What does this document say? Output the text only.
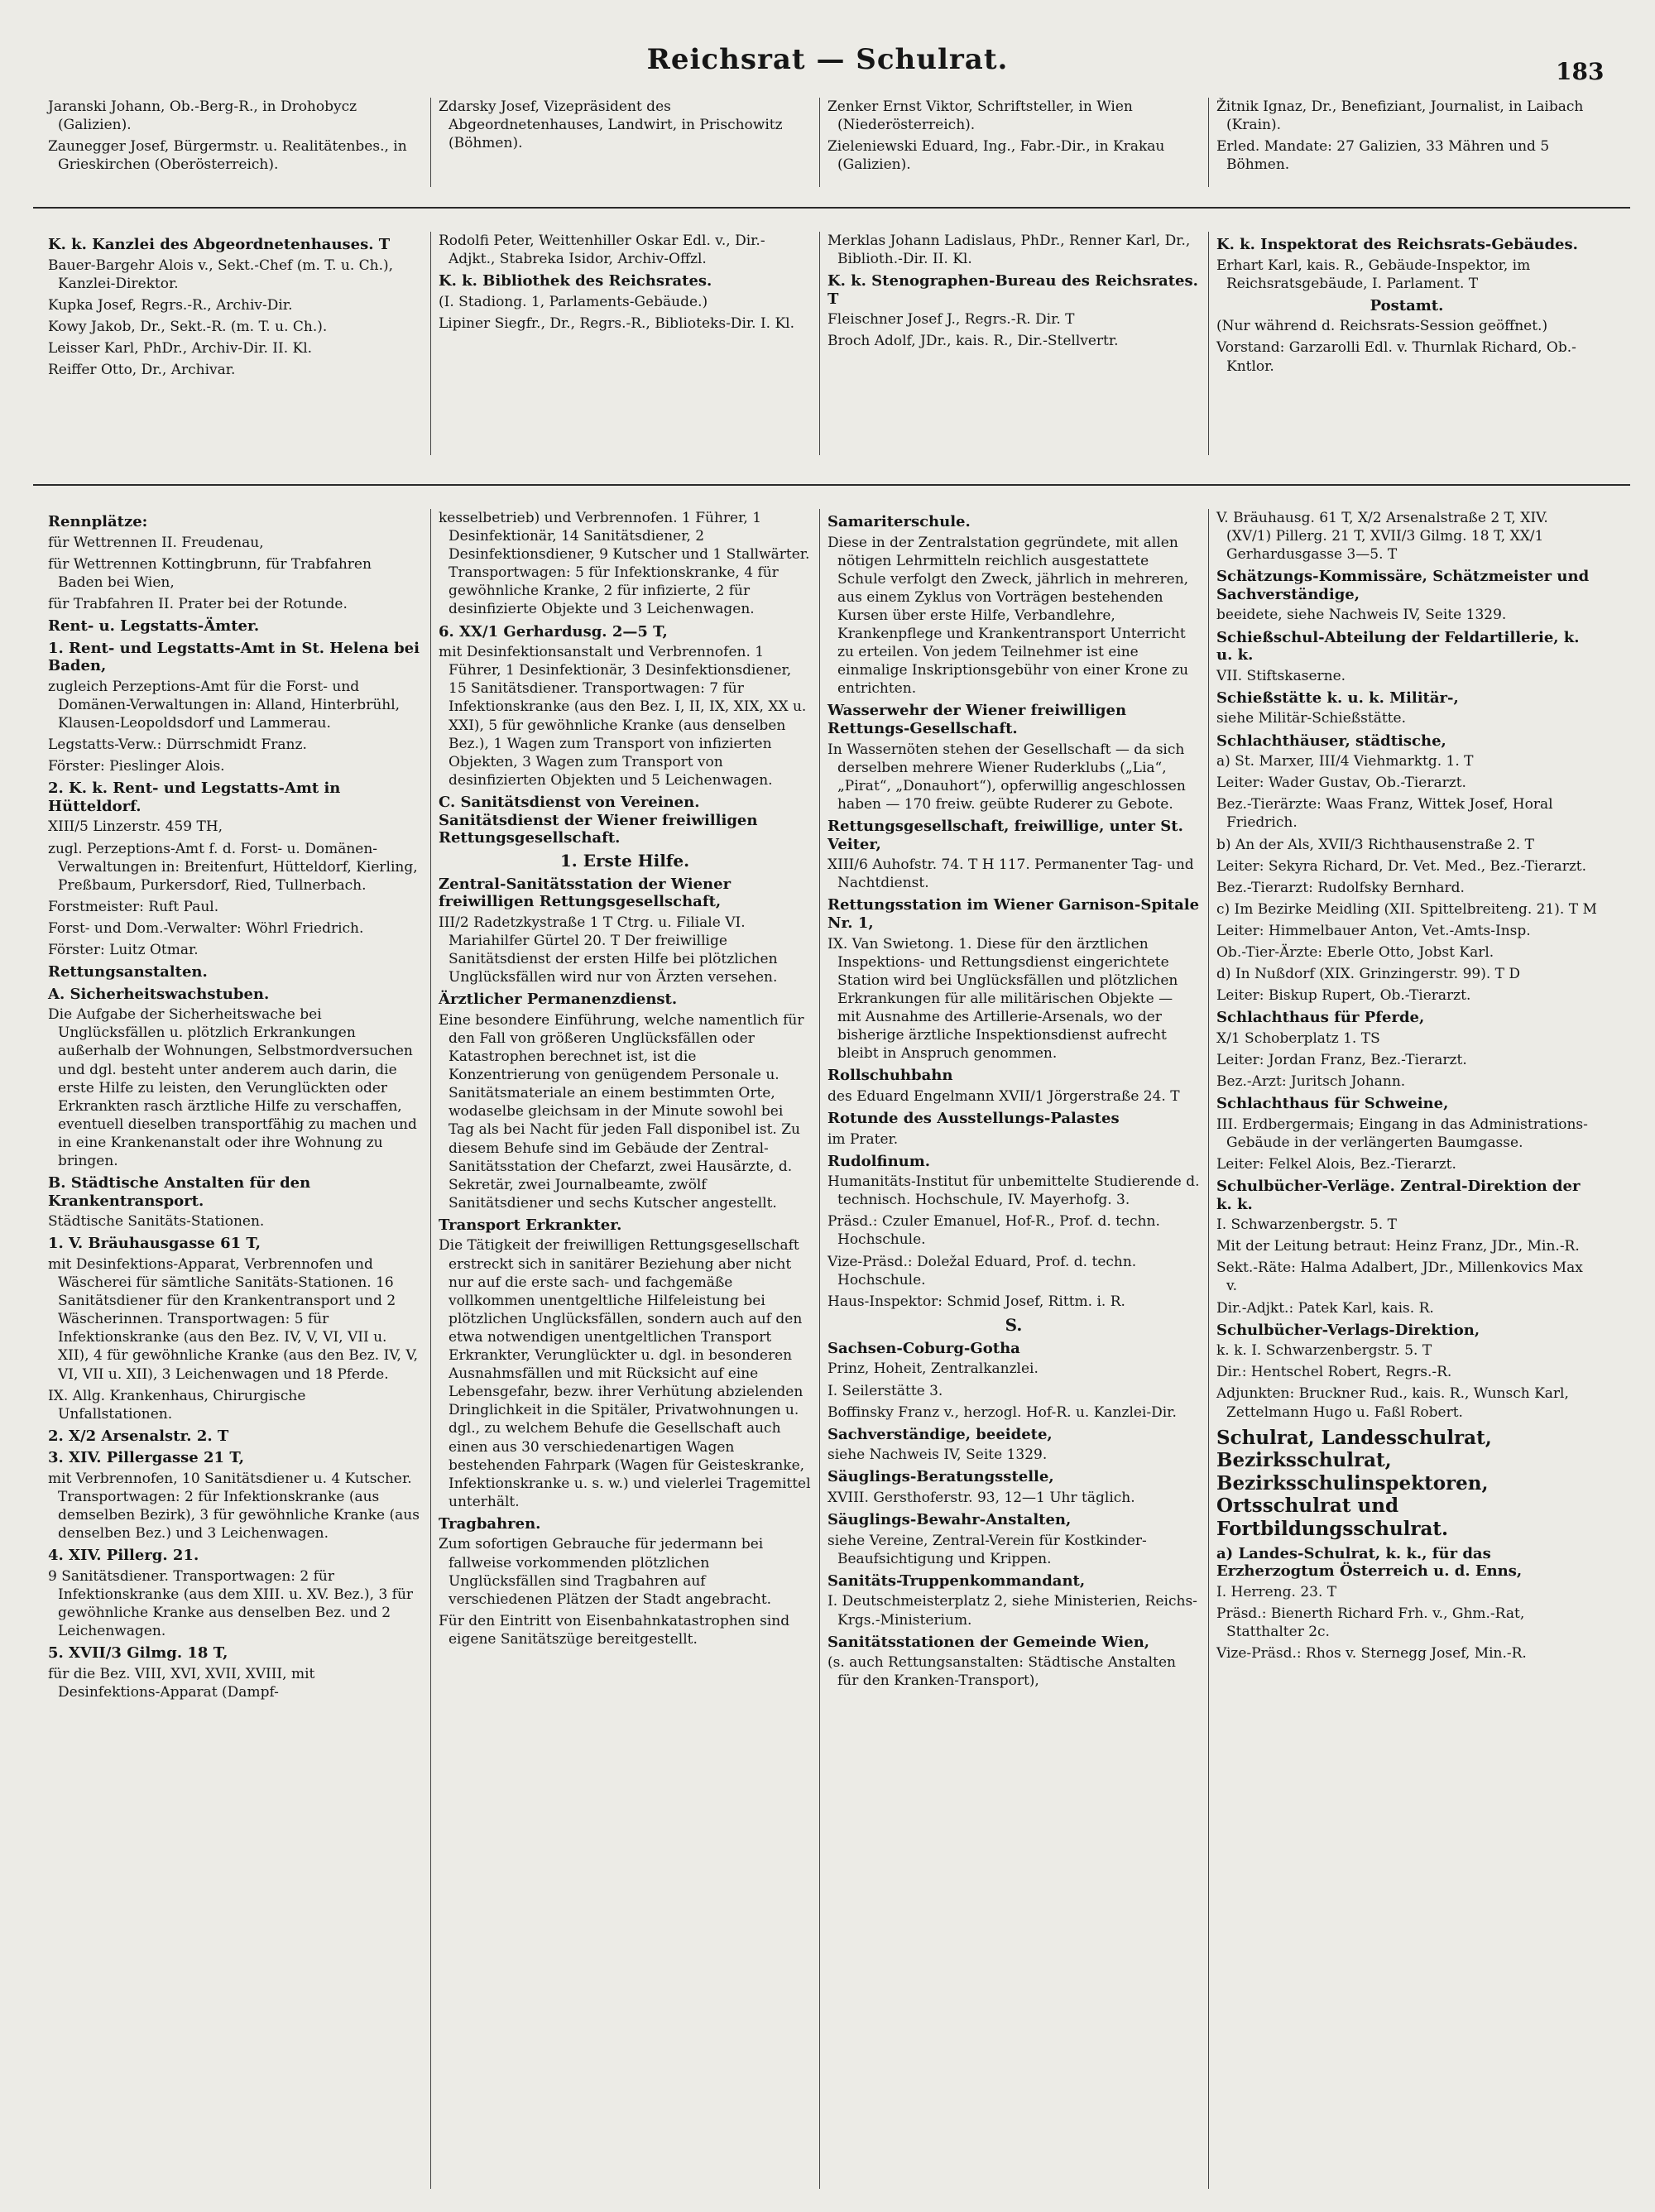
Reichsrat — Schulrat.	183

Jaranski Johann, Ob.-Berg-R., in Drohobycz (Galizien).

Zaunegger Josef, Bürgermstr. u. Realitätenbes., in Grieskirchen (Oberösterreich).

Zdarsky Josef, Vizepräsident des Abgeordnetenhauses, Landwirt, in Prischowitz (Böhmen).

Zenker Ernst Viktor, Schriftsteller, in Wien (Niederösterreich).

Zieleniewski Eduard, Ing., Fabr.-Dir., in Krakau (Galizien).

Žitnik Ignaz, Dr., Benefiziant, Journalist, in Laibach (Krain).

Erled. Mandate: 27 Galizien, 33 Mähren und 5 Böhmen.

K. k. Kanzlei des Abgeordnetenhauses. T

Bauer-Bargehr Alois v., Sekt.-Chef (m. T. u. Ch.), Kanzlei-Direktor.

Kupka Josef, Regrs.-R., Archiv-Dir.

Kowy Jakob, Dr., Sekt.-R. (m. T. u. Ch.).

Leisser Karl, PhDr., Archiv-Dir. II. Kl.

Reiffer Otto, Dr., Archivar.

Rodolfi Peter, Weittenhiller Oskar Edl. v., Dir.-Adjkt., Stabreka Isidor, Archiv-Offzl.

K. k. Bibliothek des Reichsrates.

(I. Stadiong. 1, Parlaments-Gebäude.)

Lipiner Siegfr., Dr., Regrs.-R., Biblioteks-Dir. I. Kl.

Merklas Johann Ladislaus, PhDr., Renner Karl, Dr., Biblioth.-Dir. II. Kl.

K. k. Stenographen-Bureau des Reichsrates. T

Fleischner Josef J., Regrs.-R. Dir. T

Broch Adolf, JDr., kais. R., Dir.-Stellvertr.

K. k. Inspektorat des Reichsrats-Gebäudes.

Erhart Karl, kais. R., Gebäude-Inspektor, im Reichsratsgebäude, I. Parlament. T

Postamt.

(Nur während d. Reichsrats-Session geöffnet.)

Vorstand: Garzarolli Edl. v. Thurnlak Richard, Ob.-Kntlor.

Rennplätze:

für Wettrennen II. Freudenau,

für Wettrennen Kottingbrunn, für Trabfahren Baden bei Wien,

für Trabfahren II. Prater bei der Rotunde.

Rent- u. Legstatts-Ämter.
1. Rent- und Legstatts-Amt in St. Helena bei Baden,

zugleich Perzeptions-Amt für die Forst- und Domänen-Verwaltungen in: Alland, Hinterbrühl, Klausen-Leopoldsdorf und Lammerau.

Legstatts-Verw.: Dürrschmidt Franz.

Förster: Pieslinger Alois.

2. K. k. Rent- und Legstatts-Amt in Hütteldorf.

XIII/5 Linzerstr. 459 TH,

zugl. Perzeptions-Amt f. d. Forst- u. Domänen-Verwaltungen in: Breitenfurt, Hütteldorf, Kierling, Preßbaum, Purkersdorf, Ried, Tullnerbach.

Forstmeister: Ruft Paul.

Forst- und Dom.-Verwalter: Wöhrl Friedrich.

Förster: Luitz Otmar.

Rettungsanstalten.
A. Sicherheitswachstuben.

Die Aufgabe der Sicherheitswache bei Unglücksfällen u. plötzlich Erkrankungen außerhalb der Wohnungen, Selbstmordversuchen und dgl. besteht unter anderem auch darin, die erste Hilfe zu leisten, den Verunglückten oder Erkrankten rasch ärztliche Hilfe zu verschaffen, eventuell dieselben transportfähig zu machen und in eine Krankenanstalt oder ihre Wohnung zu bringen.

B. Städtische Anstalten für den Krankentransport.

Städtische Sanitäts-Stationen.

1. V. Bräuhausgasse 61 T,

mit Desinfektions-Apparat, Verbrennofen und Wäscherei für sämtliche Sanitäts-Stationen. 16 Sanitätsdiener für den Krankentransport und 2 Wäscherinnen. Transportwagen: 5 für Infektionskranke (aus den Bez. IV, V, VI, VII u. XII), 4 für gewöhnliche Kranke (aus den Bez. IV, V, VI, VII u. XII), 3 Leichenwagen und 18 Pferde.

IX. Allg. Krankenhaus, Chirurgische Unfallstationen.

2. X/2 Arsenalstr. 2. T
3. XIV. Pillergasse 21 T,

mit Verbrennofen, 10 Sanitätsdiener u. 4 Kutscher. Transportwagen: 2 für Infektionskranke (aus demselben Bezirk), 3 für gewöhnliche Kranke (aus denselben Bez.) und 3 Leichenwagen.

4. XIV. Pillerg. 21.

9 Sanitätsdiener. Transportwagen: 2 für Infektionskranke (aus dem XIII. u. XV. Bez.), 3 für gewöhnliche Kranke aus denselben Bez. und 2 Leichenwagen.

5. XVII/3 Gilmg. 18 T,

für die Bez. VIII, XVI, XVII, XVIII, mit Desinfektions-Apparat (Dampf-

kesselbetrieb) und Verbrennofen. 1 Führer, 1 Desinfektionär, 14 Sanitätsdiener, 2 Desinfektionsdiener, 9 Kutscher und 1 Stallwärter. Transportwagen: 5 für Infektionskranke, 4 für gewöhnliche Kranke, 2 für infizierte, 2 für desinfizierte Objekte und 3 Leichenwagen.

6. XX/1 Gerhardusg. 2—5 T,

mit Desinfektionsanstalt und Verbrennofen. 1 Führer, 1 Desinfektionär, 3 Desinfektionsdiener, 15 Sanitätsdiener. Transportwagen: 7 für Infektionskranke (aus den Bez. I, II, IX, XIX, XX u. XXI), 5 für gewöhnliche Kranke (aus denselben Bez.), 1 Wagen zum Transport von infizierten Objekten, 3 Wagen zum Transport von desinfizierten Objekten und 5 Leichenwagen.

C. Sanitätsdienst von Vereinen. Sanitätsdienst der Wiener freiwilligen Rettungsgesellschaft.

1. Erste Hilfe.

Zentral-Sanitätsstation der Wiener freiwilligen Rettungsgesellschaft,

III/2 Radetzkystraße 1 T Ctrg. u. Filiale VI. Mariahilfer Gürtel 20. T Der freiwillige Sanitätsdienst der ersten Hilfe bei plötzlichen Unglücksfällen wird nur von Ärzten versehen.

Ärztlicher Permanenzdienst.

Eine besondere Einführung, welche namentlich für den Fall von größeren Unglücksfällen oder Katastrophen berechnet ist, ist die Konzentrierung von genügendem Personale u. Sanitätsmateriale an einem bestimmten Orte, wodaselbe gleichsam in der Minute sowohl bei Tag als bei Nacht für jeden Fall disponibel ist. Zu diesem Behufe sind im Gebäude der Zentral-Sanitätsstation der Chefarzt, zwei Hausärzte, d. Sekretär, zwei Journalbeamte, zwölf Sanitätsdiener und sechs Kutscher angestellt.

Transport Erkrankter.

Die Tätigkeit der freiwilligen Rettungsgesellschaft erstreckt sich in sanitärer Beziehung aber nicht nur auf die erste sach- und fachgemäße vollkommen unentgeltliche Hilfeleistung bei plötzlichen Unglücksfällen, sondern auch auf den etwa notwendigen unentgeltlichen Transport Erkrankter, Verunglückter u. dgl. in besonderen Ausnahmsfällen und mit Rücksicht auf eine Lebensgefahr, bezw. ihrer Verhütung abzielenden Dringlichkeit in die Spitäler, Privatwohnungen u. dgl., zu welchem Behufe die Gesellschaft auch einen aus 30 verschiedenartigen Wagen bestehenden Fahrpark (Wagen für Geisteskranke, Infektionskranke u. s. w.) und vielerlei Tragemittel unterhält.

Tragbahren.

Zum sofortigen Gebrauche für jedermann bei fallweise vorkommenden plötzlichen Unglücksfällen sind Tragbahren auf verschiedenen Plätzen der Stadt angebracht.

Für den Eintritt von Eisenbahnkatastrophen sind eigene Sanitätszüge bereitgestellt.

Samariterschule.

Diese in der Zentralstation gegründete, mit allen nötigen Lehrmitteln reichlich ausgestattete Schule verfolgt den Zweck, jährlich in mehreren, aus einem Zyklus von Vorträgen bestehenden Kursen über erste Hilfe, Verbandlehre, Krankenpflege und Krankentransport Unterricht zu erteilen. Von jedem Teilnehmer ist eine einmalige Inskriptionsgebühr von einer Krone zu entrichten.

Wasserwehr der Wiener freiwilligen Rettungs-Gesellschaft.

In Wassernöten stehen der Gesellschaft — da sich derselben mehrere Wiener Ruderklubs („Lia“, „Pirat“, „Donauhort“), opferwillig angeschlossen haben — 170 freiw. geübte Ruderer zu Gebote.

Rettungsgesellschaft, freiwillige, unter St. Veiter,

XIII/6 Auhofstr. 74. T H 117. Permanenter Tag- und Nachtdienst.

Rettungsstation im Wiener Garnison-Spitale Nr. 1,

IX. Van Swietong. 1. Diese für den ärztlichen Inspektions- und Rettungsdienst eingerichtete Station wird bei Unglücksfällen und plötzlichen Erkrankungen für alle militärischen Objekte — mit Ausnahme des Artillerie-Arsenals, wo der bisherige ärztliche Inspektionsdienst aufrecht bleibt in Anspruch genommen.

Rollschuhbahn

des Eduard Engelmann XVII/1 Jörgerstraße 24. T

Rotunde des Ausstellungs-Palastes

im Prater.

Rudolfinum.

Humanitäts-Institut für unbemittelte Studierende d. technisch. Hochschule, IV. Mayerhofg. 3.

Präsd.: Czuler Emanuel, Hof-R., Prof. d. techn. Hochschule.

Vize-Präsd.: Doležal Eduard, Prof. d. techn. Hochschule.

Haus-Inspektor: Schmid Josef, Rittm. i. R.

S.

Sachsen-Coburg-Gotha

Prinz, Hoheit, Zentralkanzlei.

I. Seilerstätte 3.

Boffinsky Franz v., herzogl. Hof-R. u. Kanzlei-Dir.

Sachverständige, beeidete,

siehe Nachweis IV, Seite 1329.

Säuglings-Beratungsstelle,

XVIII. Gersthoferstr. 93, 12—1 Uhr täglich.

Säuglings-Bewahr-Anstalten,

siehe Vereine, Zentral-Verein für Kostkinder-Beaufsichtigung und Krippen.

Sanitäts-Truppenkommandant,

I. Deutschmeisterplatz 2, siehe Ministerien, Reichs-Krgs.-Ministerium.

Sanitätsstationen der Gemeinde Wien,

(s. auch Rettungsanstalten: Städtische Anstalten für den Kranken-Transport),

V. Bräuhausg. 61 T, X/2 Arsenalstraße 2 T, XIV. (XV/1) Pillerg. 21 T, XVII/3 Gilmg. 18 T, XX/1 Gerhardusgasse 3—5. T

Schätzungs-Kommissäre, Schätzmeister und Sachverständige,

beeidete, siehe Nachweis IV, Seite 1329.

Schießschul-Abteilung der Feldartillerie, k. u. k.

VII. Stiftskaserne.

Schießstätte k. u. k. Militär-,

siehe Militär-Schießstätte.

Schlachthäuser, städtische,

a) St. Marxer, III/4 Viehmarktg. 1. T

Leiter: Wader Gustav, Ob.-Tierarzt.

Bez.-Tierärzte: Waas Franz, Wittek Josef, Horal Friedrich.

b) An der Als, XVII/3 Richthausenstraße 2. T

Leiter: Sekyra Richard, Dr. Vet. Med., Bez.-Tierarzt.

Bez.-Tierarzt: Rudolfsky Bernhard.

c) Im Bezirke Meidling (XII. Spittelbreiteng. 21). T M

Leiter: Himmelbauer Anton, Vet.-Amts-Insp.

Ob.-Tier-Ärzte: Eberle Otto, Jobst Karl.

d) In Nußdorf (XIX. Grinzingerstr. 99). T D

Leiter: Biskup Rupert, Ob.-Tierarzt.

Schlachthaus für Pferde,

X/1 Schoberplatz 1. TS

Leiter: Jordan Franz, Bez.-Tierarzt.

Bez.-Arzt: Juritsch Johann.

Schlachthaus für Schweine,

III. Erdbergermais; Eingang in das Administrations-Gebäude in der verlängerten Baumgasse.

Leiter: Felkel Alois, Bez.-Tierarzt.

Schulbücher-Verläge. Zentral-Direktion der k. k.

I. Schwarzenbergstr. 5. T

Mit der Leitung betraut: Heinz Franz, JDr., Min.-R.

Sekt.-Räte: Halma Adalbert, JDr., Millenkovics Max v.

Dir.-Adjkt.: Patek Karl, kais. R.

Schulbücher-Verlags-Direktion,

k. k. I. Schwarzenbergstr. 5. T

Dir.: Hentschel Robert, Regrs.-R.

Adjunkten: Bruckner Rud., kais. R., Wunsch Karl, Zettelmann Hugo u. Faßl Robert.

Schulrat, Landesschulrat, Bezirksschulrat, Bezirksschulinspektoren, Ortsschulrat und Fortbildungsschulrat.
a) Landes-Schulrat, k. k., für das Erzherzogtum Österreich u. d. Enns,

I. Herreng. 23. T

Präsd.: Bienerth Richard Frh. v., Ghm.-Rat, Statthalter 2c.

Vize-Präsd.: Rhos v. Sternegg Josef, Min.-R.
